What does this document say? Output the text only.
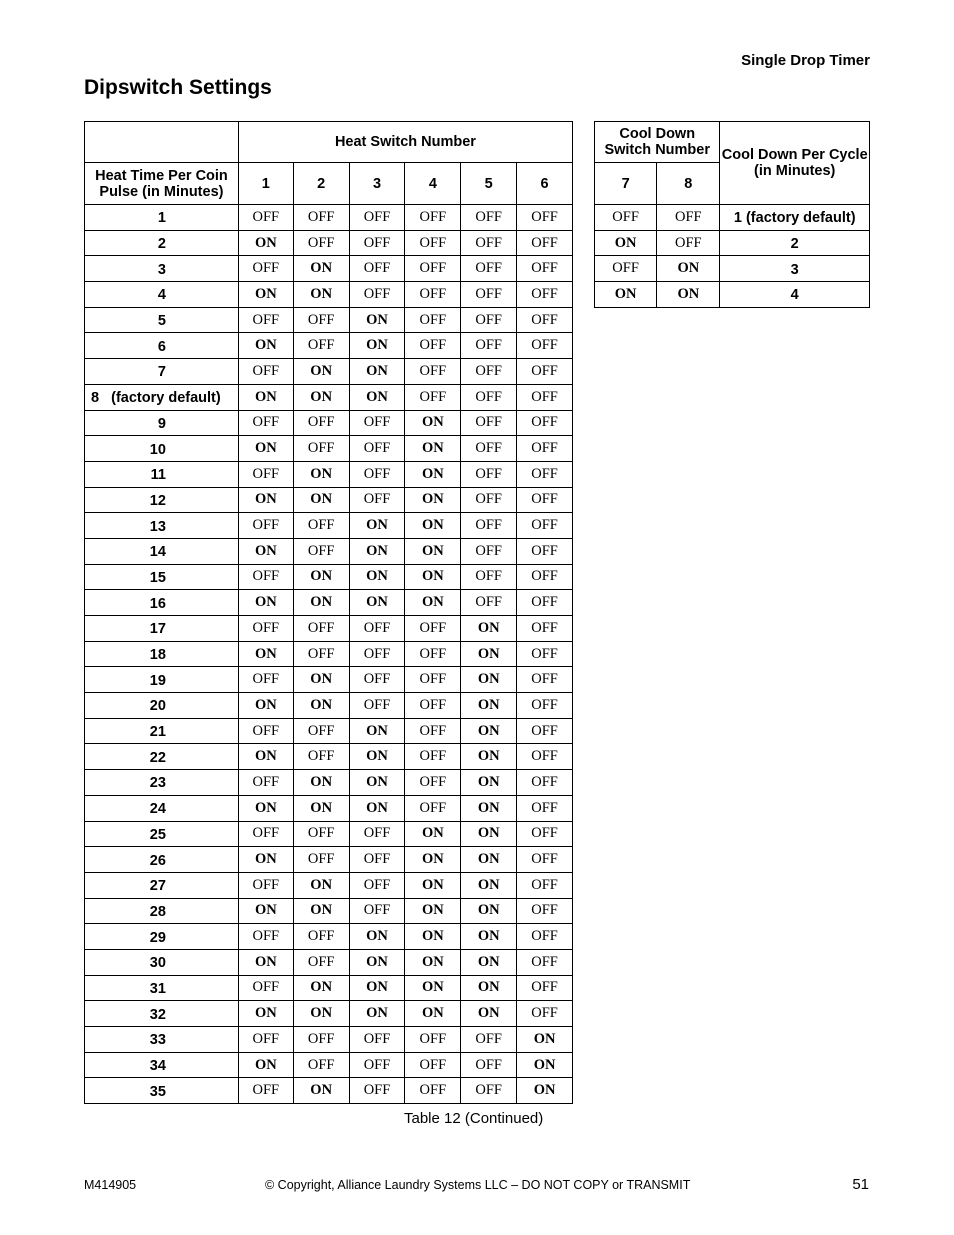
Single Drop Timer
Dipswitch Settings
	Heat Switch Number					
Heat Time Per Coin Pulse (in Minutes)	1	2	3	4	5	6
1	OFF	OFF	OFF	OFF	OFF	OFF
2	ON	OFF	OFF	OFF	OFF	OFF
3	OFF	ON	OFF	OFF	OFF	OFF
4	ON	ON	OFF	OFF	OFF	OFF
5	OFF	OFF	ON	OFF	OFF	OFF
6	ON	OFF	ON	OFF	OFF	OFF
7	OFF	ON	ON	OFF	OFF	OFF
8   (factory default)	ON	ON	ON	OFF	OFF	OFF
9	OFF	OFF	OFF	ON	OFF	OFF
10	ON	OFF	OFF	ON	OFF	OFF
11	OFF	ON	OFF	ON	OFF	OFF
12	ON	ON	OFF	ON	OFF	OFF
13	OFF	OFF	ON	ON	OFF	OFF
14	ON	OFF	ON	ON	OFF	OFF
15	OFF	ON	ON	ON	OFF	OFF
16	ON	ON	ON	ON	OFF	OFF
17	OFF	OFF	OFF	OFF	ON	OFF
18	ON	OFF	OFF	OFF	ON	OFF
19	OFF	ON	OFF	OFF	ON	OFF
20	ON	ON	OFF	OFF	ON	OFF
21	OFF	OFF	ON	OFF	ON	OFF
22	ON	OFF	ON	OFF	ON	OFF
23	OFF	ON	ON	OFF	ON	OFF
24	ON	ON	ON	OFF	ON	OFF
25	OFF	OFF	OFF	ON	ON	OFF
26	ON	OFF	OFF	ON	ON	OFF
27	OFF	ON	OFF	ON	ON	OFF
28	ON	ON	OFF	ON	ON	OFF
29	OFF	OFF	ON	ON	ON	OFF
30	ON	OFF	ON	ON	ON	OFF
31	OFF	ON	ON	ON	ON	OFF
32	ON	ON	ON	ON	ON	OFF
33	OFF	OFF	OFF	OFF	OFF	ON
34	ON	OFF	OFF	OFF	OFF	ON
35	OFF	ON	OFF	OFF	OFF	ON
Cool Down Switch Number		Cool Down Per Cycle (in Minutes)
7	8	
OFF	OFF	1 (factory default)
ON	OFF	2
OFF	ON	3
ON	ON	4
Table 12 (Continued)
M414905	© Copyright, Alliance Laundry Systems LLC – DO NOT COPY or TRANSMIT	51
